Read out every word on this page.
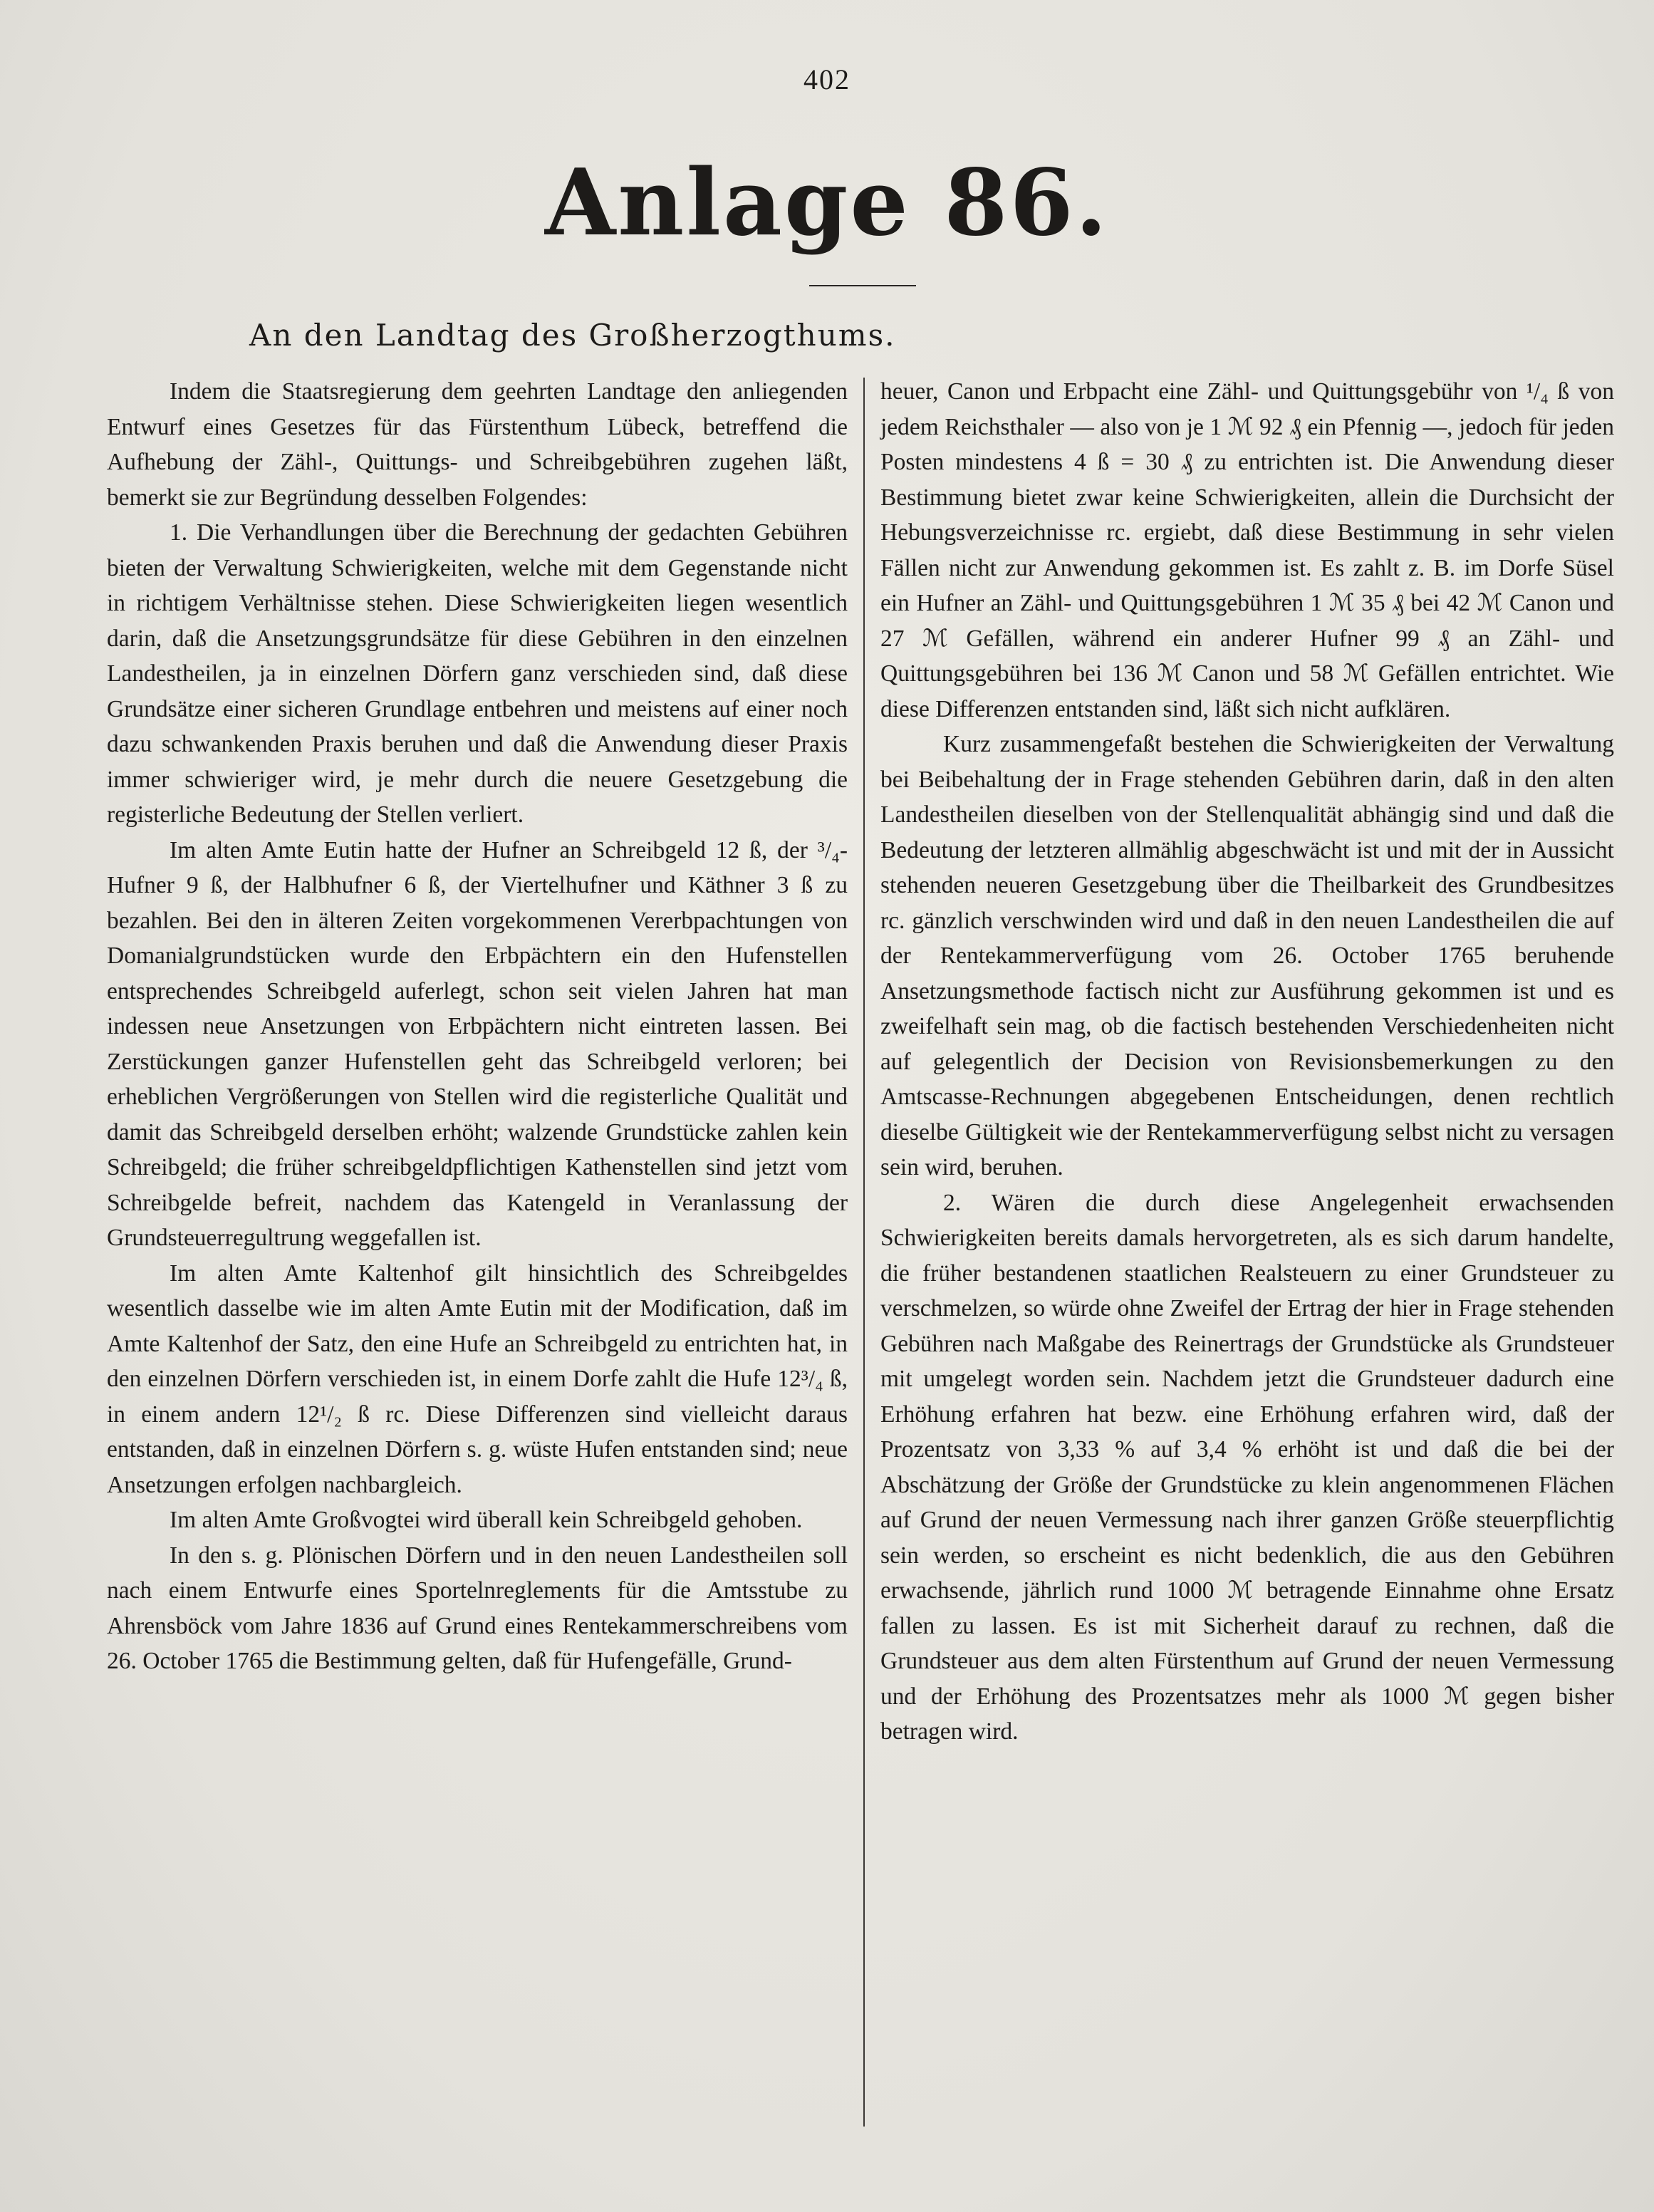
402
Anlage 86.
An den Landtag des Großherzogthums.

Indem die Staatsregierung dem geehrten Landtage den anliegenden Entwurf eines Gesetzes für das Fürstenthum Lübeck, betreffend die Aufhebung der Zähl-, Quittungs- und Schreibgebühren zugehen läßt, bemerkt sie zur Begründung desselben Folgendes:

1. Die Verhandlungen über die Berechnung der gedachten Gebühren bieten der Verwaltung Schwierigkeiten, welche mit dem Gegenstande nicht in richtigem Verhältnisse stehen. Diese Schwierigkeiten liegen wesentlich darin, daß die Ansetzungsgrundsätze für diese Gebühren in den einzelnen Landestheilen, ja in einzelnen Dörfern ganz verschieden sind, daß diese Grundsätze einer sicheren Grundlage entbehren und meistens auf einer noch dazu schwankenden Praxis beruhen und daß die Anwendung dieser Praxis immer schwieriger wird, je mehr durch die neuere Gesetzgebung die registerliche Bedeutung der Stellen verliert.

Im alten Amte Eutin hatte der Hufner an Schreibgeld 12 ß, der ³/₄-Hufner 9 ß, der Halbhufner 6 ß, der Viertelhufner und Käthner 3 ß zu bezahlen. Bei den in älteren Zeiten vorgekommenen Vererbpachtungen von Domanialgrundstücken wurde den Erbpächtern ein den Hufenstellen entsprechendes Schreibgeld auferlegt, schon seit vielen Jahren hat man indessen neue Ansetzungen von Erbpächtern nicht eintreten lassen. Bei Zerstückungen ganzer Hufenstellen geht das Schreibgeld verloren; bei erheblichen Vergrößerungen von Stellen wird die registerliche Qualität und damit das Schreibgeld derselben erhöht; walzende Grundstücke zahlen kein Schreibgeld; die früher schreibgeldpflichtigen Kathenstellen sind jetzt vom Schreibgelde befreit, nachdem das Katengeld in Veranlassung der Grundsteuerregultrung weggefallen ist.

Im alten Amte Kaltenhof gilt hinsichtlich des Schreibgeldes wesentlich dasselbe wie im alten Amte Eutin mit der Modification, daß im Amte Kaltenhof der Satz, den eine Hufe an Schreibgeld zu entrichten hat, in den einzelnen Dörfern verschieden ist, in einem Dorfe zahlt die Hufe 12³/₄ ß, in einem andern 12¹/₂ ß rc. Diese Differenzen sind vielleicht daraus entstanden, daß in einzelnen Dörfern s. g. wüste Hufen entstanden sind; neue Ansetzungen erfolgen nachbargleich.

Im alten Amte Großvogtei wird überall kein Schreibgeld gehoben.

In den s. g. Plönischen Dörfern und in den neuen Landestheilen soll nach einem Entwurfe eines Sportelnreglements für die Amtsstube zu Ahrensböck vom Jahre 1836 auf Grund eines Rentekammerschreibens vom 26. October 1765 die Bestimmung gelten, daß für Hufengefälle, Grund-

heuer, Canon und Erbpacht eine Zähl- und Quittungsgebühr von ¹/₄ ß von jedem Reichsthaler — also von je 1 ℳ 92 ₰ ein Pfennig —, jedoch für jeden Posten mindestens 4 ß = 30 ₰ zu entrichten ist. Die Anwendung dieser Bestimmung bietet zwar keine Schwierigkeiten, allein die Durchsicht der Hebungsverzeichnisse rc. ergiebt, daß diese Bestimmung in sehr vielen Fällen nicht zur Anwendung gekommen ist. Es zahlt z. B. im Dorfe Süsel ein Hufner an Zähl- und Quittungsgebühren 1 ℳ 35 ₰ bei 42 ℳ Canon und 27 ℳ Gefällen, während ein anderer Hufner 99 ₰ an Zähl- und Quittungsgebühren bei 136 ℳ Canon und 58 ℳ Gefällen entrichtet. Wie diese Differenzen entstanden sind, läßt sich nicht aufklären.

Kurz zusammengefaßt bestehen die Schwierigkeiten der Verwaltung bei Beibehaltung der in Frage stehenden Gebühren darin, daß in den alten Landestheilen dieselben von der Stellenqualität abhängig sind und daß die Bedeutung der letzteren allmählig abgeschwächt ist und mit der in Aussicht stehenden neueren Gesetzgebung über die Theilbarkeit des Grundbesitzes rc. gänzlich verschwinden wird und daß in den neuen Landestheilen die auf der Rentekammerverfügung vom 26. October 1765 beruhende Ansetzungsmethode factisch nicht zur Ausführung gekommen ist und es zweifelhaft sein mag, ob die factisch bestehenden Verschiedenheiten nicht auf gelegentlich der Decision von Revisionsbemerkungen zu den Amtscasse-Rechnungen abgegebenen Entscheidungen, denen rechtlich dieselbe Gültigkeit wie der Rentekammerverfügung selbst nicht zu versagen sein wird, beruhen.

2. Wären die durch diese Angelegenheit erwachsenden Schwierigkeiten bereits damals hervorgetreten, als es sich darum handelte, die früher bestandenen staatlichen Realsteuern zu einer Grundsteuer zu verschmelzen, so würde ohne Zweifel der Ertrag der hier in Frage stehenden Gebühren nach Maßgabe des Reinertrags der Grundstücke als Grundsteuer mit umgelegt worden sein. Nachdem jetzt die Grundsteuer dadurch eine Erhöhung erfahren hat bezw. eine Erhöhung erfahren wird, daß der Prozentsatz von 3,33 % auf 3,4 % erhöht ist und daß die bei der Abschätzung der Größe der Grundstücke zu klein angenommenen Flächen auf Grund der neuen Vermessung nach ihrer ganzen Größe steuerpflichtig sein werden, so erscheint es nicht bedenklich, die aus den Gebühren erwachsende, jährlich rund 1000 ℳ betragende Einnahme ohne Ersatz fallen zu lassen. Es ist mit Sicherheit darauf zu rechnen, daß die Grundsteuer aus dem alten Fürstenthum auf Grund der neuen Vermessung und der Erhöhung des Prozentsatzes mehr als 1000 ℳ gegen bisher betragen wird.
